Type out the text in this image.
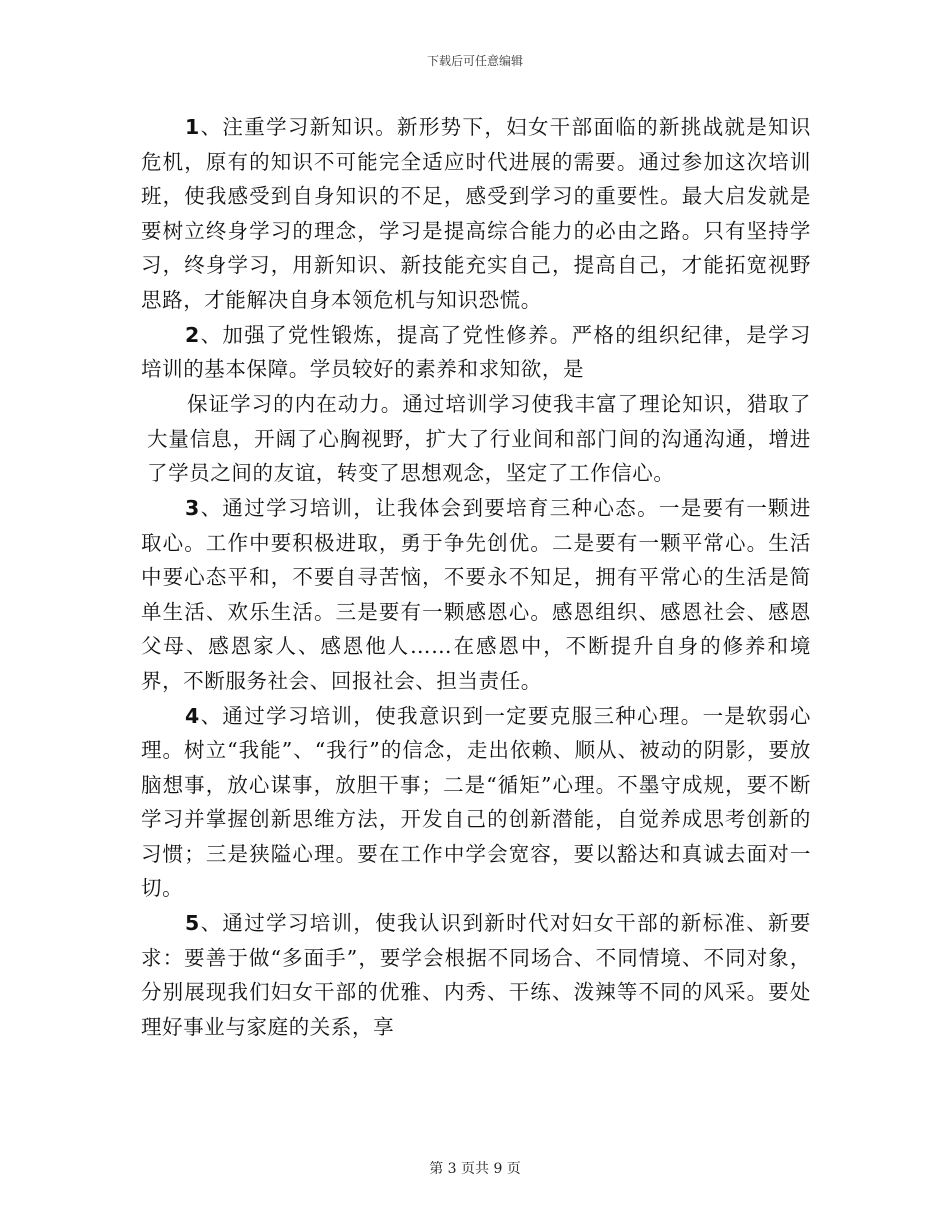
下载后可任意编辑

1、注重学习新知识。新形势下，妇女干部面临的新挑战就是知识危机，原有的知识不可能完全适应时代进展的需要。通过参加这次培训班，使我感受到自身知识的不足，感受到学习的重要性。最大启发就是要树立终身学习的理念，学习是提高综合能力的必由之路。只有坚持学习，终身学习，用新知识、新技能充实自己，提高自己，才能拓宽视野思路，才能解决自身本领危机与知识恐慌。

2、加强了党性锻炼，提高了党性修养。严格的组织纪律，是学习培训的基本保障。学员较好的素养和求知欲，是

保证学习的内在动力。通过培训学习使我丰富了理论知识，猎取了大量信息，开阔了心胸视野，扩大了行业间和部门间的沟通沟通，增进了学员之间的友谊，转变了思想观念，坚定了工作信心。

3、通过学习培训，让我体会到要培育三种心态。一是要有一颗进取心。工作中要积极进取，勇于争先创优。二是要有一颗平常心。生活中要心态平和，不要自寻苦恼，不要永不知足，拥有平常心的生活是简单生活、欢乐生活。三是要有一颗感恩心。感恩组织、感恩社会、感恩父母、感恩家人、感恩他人……在感恩中，不断提升自身的修养和境界，不断服务社会、回报社会、担当责任。

4、通过学习培训，使我意识到一定要克服三种心理。一是软弱心理。树立“我能”、“我行”的信念，走出依赖、顺从、被动的阴影，要放脑想事，放心谋事，放胆干事；二是“循矩”心理。不墨守成规，要不断学习并掌握创新思维方法，开发自己的创新潜能，自觉养成思考创新的习惯；三是狭隘心理。要在工作中学会宽容，要以豁达和真诚去面对一切。

5、通过学习培训，使我认识到新时代对妇女干部的新标准、新要求：要善于做“多面手”，要学会根据不同场合、不同情境、不同对象，分别展现我们妇女干部的优雅、内秀、干练、泼辣等不同的风采。要处理好事业与家庭的关系，享

第 3 页共 9 页
